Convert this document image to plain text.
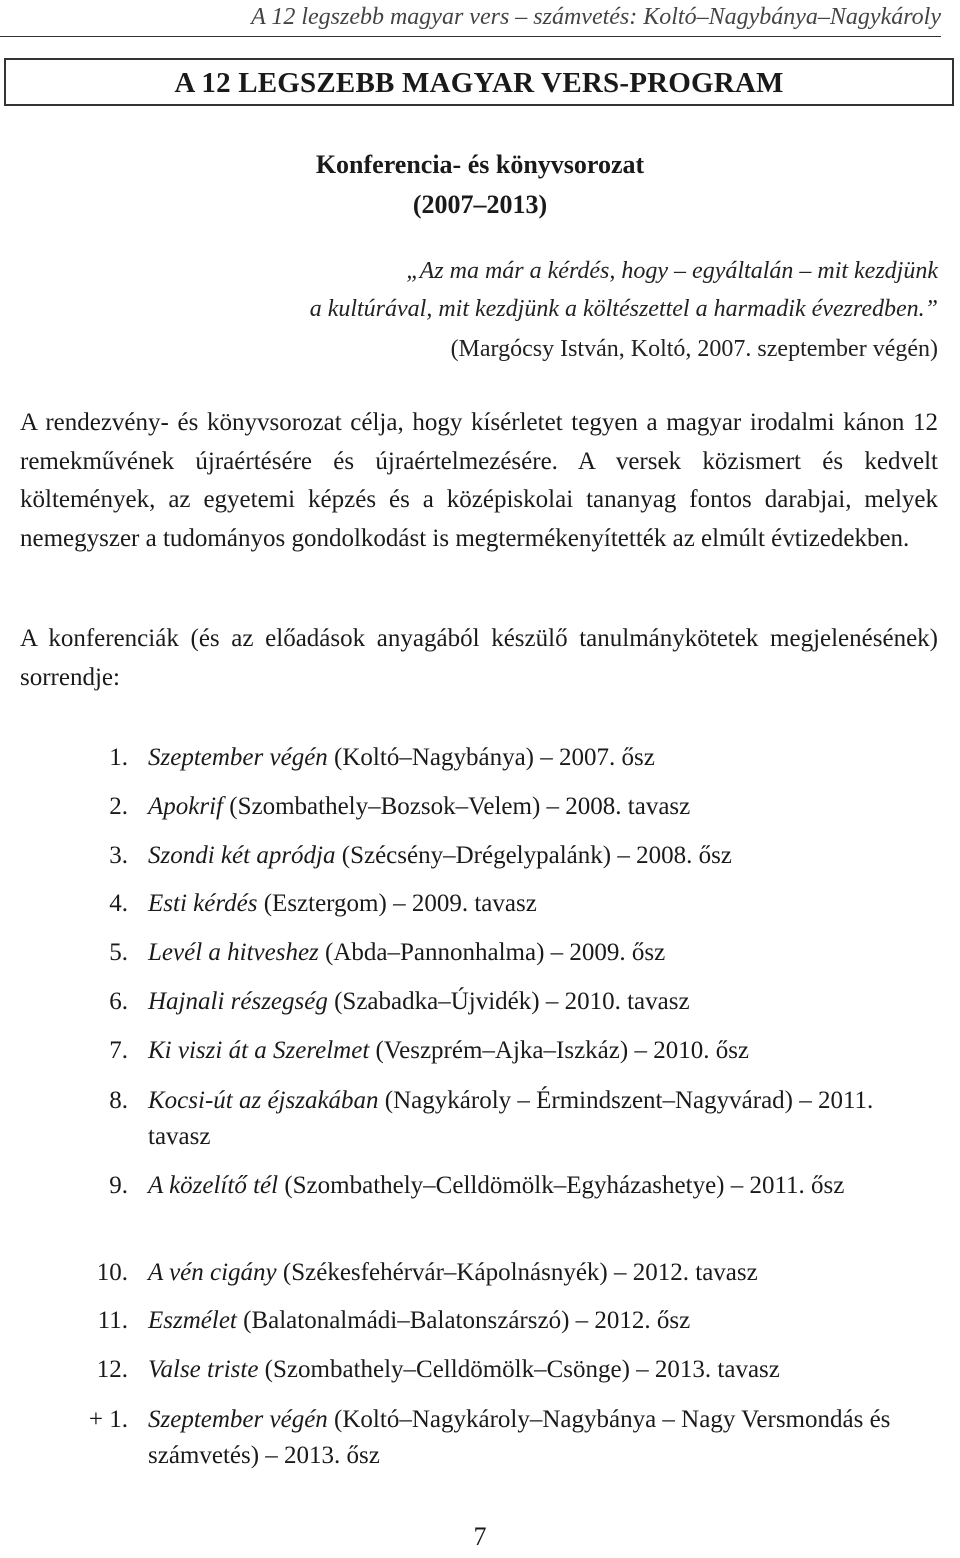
A 12 legszebb magyar vers – számvetés: Koltó–Nagybánya–Nagykároly
A 12 LEGSZEBB MAGYAR VERS-PROGRAM
Konferencia- és könyvsorozat
(2007–2013)
„Az ma már a kérdés, hogy – egyáltalán – mit kezdjünk
a kultúrával, mit kezdjünk a költészettel a harmadik évezredben.”
(Margócsy István, Koltó, 2007. szeptember végén)

A rendezvény- és könyvsorozat célja, hogy kísérletet tegyen a magyar irodalmi kánon 12 remekművének újraértésére és újraértelmezésére. A versek közismert és kedvelt költemények, az egyetemi képzés és a középiskolai tananyag fontos darabjai, melyek nemegyszer a tudományos gondolkodást is megtermékenyítették az elmúlt évtizedekben.

A konferenciák (és az előadások anyagából készülő tanulmánykötetek megjelenésének) sorrendje:

1. Szeptember végén (Koltó–Nagybánya) – 2007. ősz
2. Apokrif (Szombathely–Bozsok–Velem) – 2008. tavasz
3. Szondi két apródja (Szécsény–Drégelypalánk) – 2008. ősz
4. Esti kérdés (Esztergom) – 2009. tavasz
5. Levél a hitveshez (Abda–Pannonhalma) – 2009. ősz
6. Hajnali részegség (Szabadka–Újvidék) – 2010. tavasz
7. Ki viszi át a Szerelmet (Veszprém–Ajka–Iszkáz) – 2010. ősz
8. Kocsi-út az éjszakában (Nagykároly – Érmindszent–Nagyvárad) – 2011. tavasz
9. A közelítő tél (Szombathely–Celldömölk–Egyházashetye) – 2011. ősz
10. A vén cigány (Székesfehérvár–Kápolnásnyék) – 2012. tavasz
11. Eszmélet (Balatonalmádi–Balatonszárszó) – 2012. ősz
12. Valse triste (Szombathely–Celldömölk–Csönge) – 2013. tavasz
+ 1. Szeptember végén (Koltó–Nagykároly–Nagybánya – Nagy Versmondás és számvetés) – 2013. ősz
7
